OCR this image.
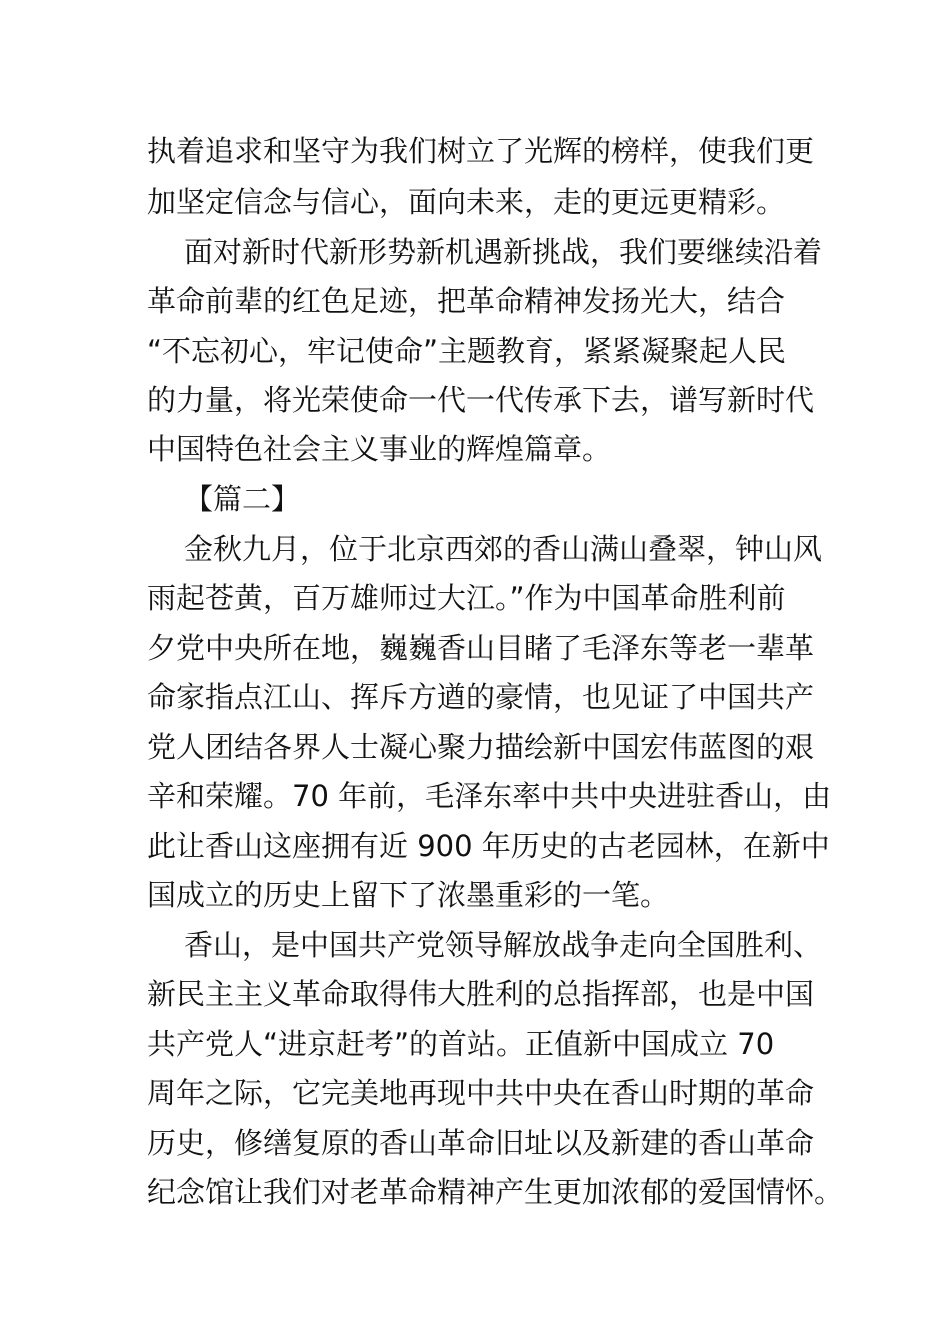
执着追求和坚守为我们树立了光辉的榜样，使我们更
加坚定信念与信心，面向未来，走的更远更精彩。
面对新时代新形势新机遇新挑战，我们要继续沿着
革命前辈的红色足迹，把革命精神发扬光大，结合
“不忘初心，牢记使命”主题教育，紧紧凝聚起人民
的力量，将光荣使命一代一代传承下去，谱写新时代
中国特色社会主义事业的辉煌篇章。
【篇二】
金秋九月，位于北京西郊的香山满山叠翠，钟山风
雨起苍黄，百万雄师过大江。”作为中国革命胜利前
夕党中央所在地，巍巍香山目睹了毛泽东等老一辈革
命家指点江山、挥斥方遒的豪情，也见证了中国共产
党人团结各界人士凝心聚力描绘新中国宏伟蓝图的艰
辛和荣耀。70 年前，毛泽东率中共中央进驻香山，由
此让香山这座拥有近 900 年历史的古老园林，在新中
国成立的历史上留下了浓墨重彩的一笔。
香山，是中国共产党领导解放战争走向全国胜利、
新民主主义革命取得伟大胜利的总指挥部，也是中国
共产党人“进京赶考”的首站。正值新中国成立 70
周年之际，它完美地再现中共中央在香山时期的革命
历史，修缮复原的香山革命旧址以及新建的香山革命
纪念馆让我们对老革命精神产生更加浓郁的爱国情怀。
